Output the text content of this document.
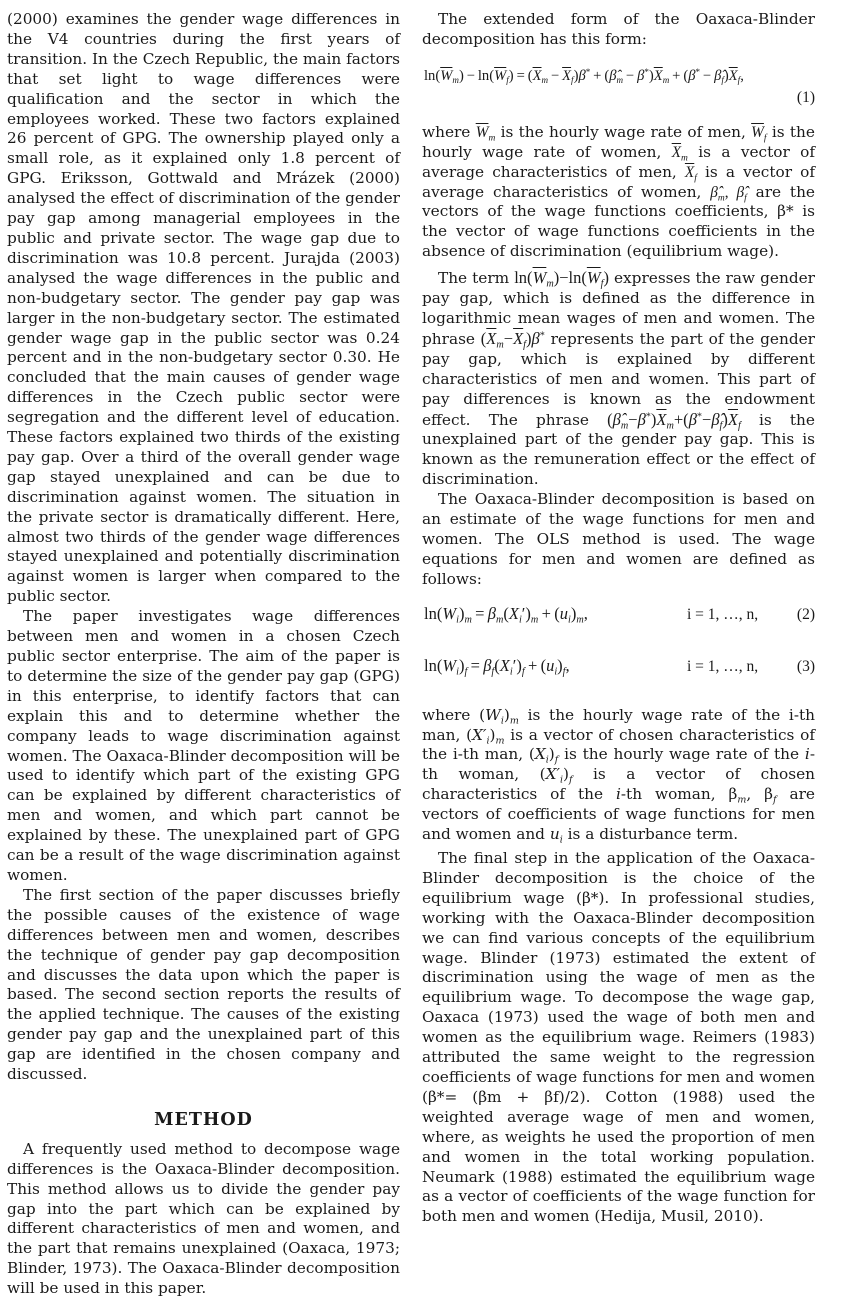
(2000) examines the gender wage differences in the V4 countries during the first years of transition. In the Czech Republic, the main factors that set light to wage differences were qualification and the sector in which the employees worked. These two factors explained 26 percent of GPG. The ownership played only a small role, as it explained only 1.8 percent of GPG. Eriksson, Gottwald and Mrázek (2000) analysed the effect of discrimination of the gender pay gap among managerial employees in the public and private sector. The wage gap due to discrimination was 10.8 percent. Jurajda (2003) analysed the wage differences in the public and non-budgetary sector. The gender pay gap was larger in the non-budgetary sector. The estimated gender wage gap in the public sector was 0.24 percent and in the non-budgetary sector 0.30. He concluded that the main causes of gender wage differences in the Czech public sector were segregation and the different level of education. These factors explained two thirds of the existing pay gap. Over a third of the overall gender wage gap stayed unexplained and can be due to discrimination against women. The situation in the private sector is dramatically different. Here, almost two thirds of the gender wage differences stayed unexplained and potentially discrimination against women is larger when compared to the public sector.

The paper investigates wage differences between men and women in a chosen Czech public sector enterprise. The aim of the paper is to determine the size of the gender pay gap (GPG) in this enterprise, to identify factors that can explain this and to determine whether the company leads to wage discrimination against women. The Oaxaca-Blinder decomposition will be used to identify which part of the existing GPG can be explained by different characteristics of men and women, and which part cannot be explained by these. The unexplained part of GPG can be a result of the wage discrimination against women.

The first section of the paper discusses briefly the possible causes of the existence of wage differences between men and women, describes the technique of gender pay gap decomposition and discusses the data upon which the paper is based. The second section reports the results of the applied technique. The causes of the existing gender pay gap and the unexplained part of this gap are identified in the chosen company and discussed.

METHOD

A frequently used method to decompose wage differences is the Oaxaca-Blinder decomposition. This method allows us to divide the gender pay gap into the part which can be explained by different characteristics of men and women, and the part that remains unexplained (Oaxaca, 1973; Blinder, 1973). The Oaxaca-Blinder decomposition will be used in this paper.

The extended form of the Oaxaca-Blinder decomposition has this form:

$\ln(\overline{W}_m) - \ln(\overline{W}_f) = (\overline{X}_m - \overline{X}_f)\beta^*$ + $(\betâ_m - \beta^*)\overline{X}_m + (\beta^*$ − $\betâ_f)\overline{X}_f$,
(1)

where $\overline{W}_m$ is the hourly wage rate of men, $\overline{W}_f$ is the hourly wage rate of women, $\overline{X}_m$ is a vector of average characteristics of men, $\overline{X}_f$ is a vector of average characteristics of women, $\betâ_m$, $\betâ_f$ are the vectors of the wage functions coefficients, β* is the vector of wage functions coefficients in the absence of discrimination (equilibrium wage).

The term $\ln(\overline{W}_m)-\ln(\overline{W}_f)$ expresses the raw gender pay gap, which is defined as the difference in logarithmic mean wages of men and women. The phrase $(\overline{X}_m-\overline{X}_f)\beta^*$ represents the part of the gender pay gap, which is explained by different characteristics of men and women. This part of pay differences is known as the endowment effect. The phrase $(\betâ_m-\beta^*)\overline{X}_m+(\beta^*-\betâ_f)\overline{X}_f$ is the unexplained part of the gender pay gap. This is known as the remuneration effect or the effect of discrimination.

The Oaxaca-Blinder decomposition is based on an estimate of the wage functions for men and women. The OLS method is used. The wage equations for men and women are defined as follows:

$\ln(W_i)_m = \beta_m(X_i')_m + (u_i)_m$,	i = 1, …, n, (2)
$\ln(W_i)_f = \beta_f(X_i')_f + (u_i)_f$,	i = 1, …, n, (3)

where $(W_i)_m$ is the hourly wage rate of the i-th man, $(X'_i)_m$ is a vector of chosen characteristics of the i-th man, $(X_i)_f$ is the hourly wage rate of the i-th woman, $(X'_i)_f$ is a vector of chosen characteristics of the i-th woman, $\beta_m$, $\beta_f$ are vectors of coefficients of wage functions for men and women and $u_i$ is a disturbance term.

The final step in the application of the Oaxaca-Blinder decomposition is the choice of the equilibrium wage (β*). In professional studies, working with the Oaxaca-Blinder decomposition we can find various concepts of the equilibrium wage. Blinder (1973) estimated the extent of discrimination using the wage of men as the equilibrium wage. To decompose the wage gap, Oaxaca (1973) used the wage of both men and women as the equilibrium wage. Reimers (1983) attributed the same weight to the regression coefficients of wage functions for men and women (β*= (βm + βf)/2). Cotton (1988) used the weighted average wage of men and women, where, as weights he used the proportion of men and women in the total working population. Neumark (1988) estimated the equilibrium wage as a vector of coefficients of the wage function for both men and women (Hedija, Musil, 2010).
